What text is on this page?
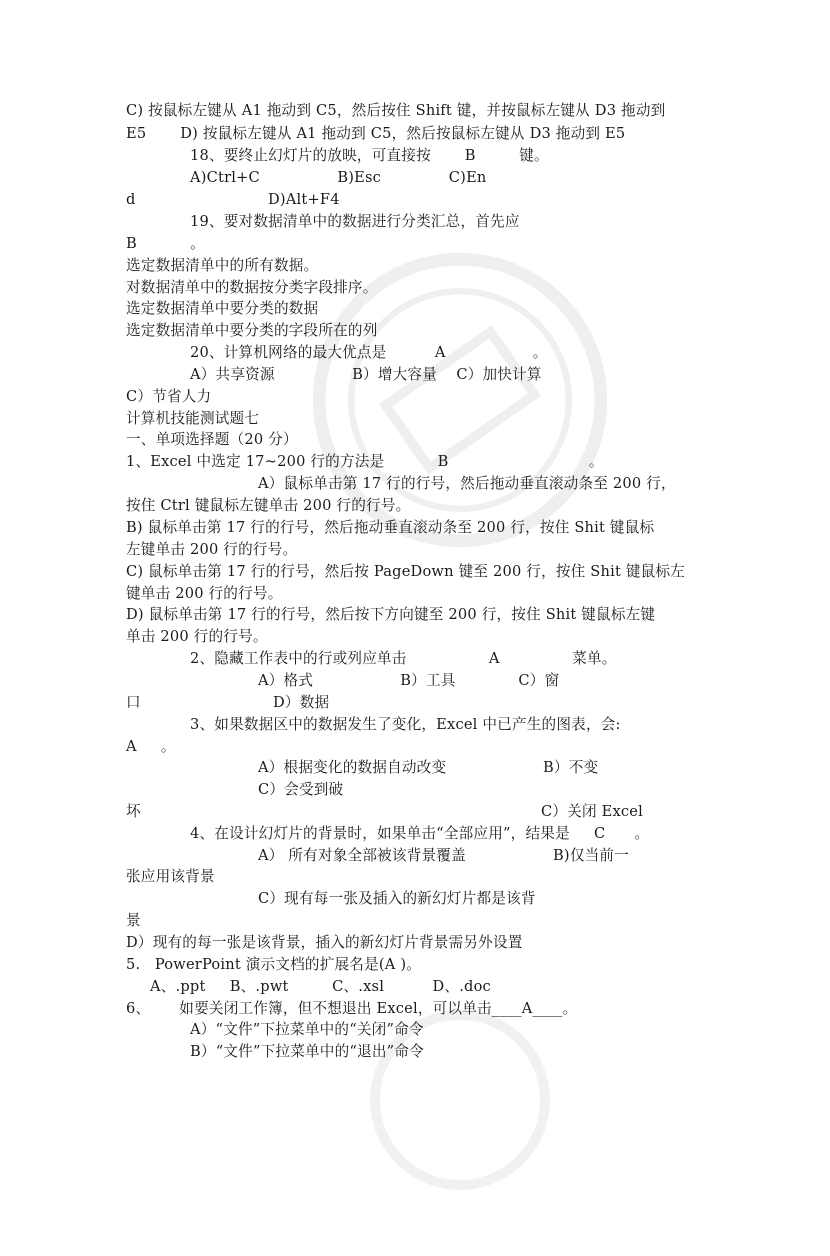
C) 按鼠标左键从 A1 拖动到 C5，然后按住 Shift 键，并按鼠标左键从 D3 拖动到
E5       D) 按鼠标左键从 A1 拖动到 C5，然后按鼠标左键从 D3 拖动到 E5
18、要终止幻灯片的放映，可直接按       B         键。
A)Ctrl+C                B)Esc              C)En
d	D)Alt+F4
19、要对数据清单中的数据进行分类汇总，首先应
B           。
选定数据清单中的所有数据。
对数据清单中的数据按分类字段排序。
选定数据清单中要分类的数据
选定数据清单中要分类的字段所在的列
20、计算机网络的最大优点是          A                  。
A）共享资源                B）增大容量    C）加快计算
C）节省人力
计算机技能测试题七
一、单项选择题（20 分）
1、Excel 中选定 17~200 行的方法是           B                             。
A）鼠标单击第 17 行的行号，然后拖动垂直滚动条至 200 行，
按住 Ctrl 键鼠标左键单击 200 行的行号。
B) 鼠标单击第 17 行的行号，然后拖动垂直滚动条至 200 行，按住 Shit 键鼠标
左键单击 200 行的行号。
C) 鼠标单击第 17 行的行号，然后按 PageDown 键至 200 行，按住 Shit 键鼠标左
键单击 200 行的行号。
D) 鼠标单击第 17 行的行号，然后按下方向键至 200 行，按住 Shit 键鼠标左键
单击 200 行的行号。
2、隐藏工作表中的行或列应单击                 A               菜单。
A）格式                  B）工具             C）窗
口	D）数据
3、如果数据区中的数据发生了变化，Excel 中已产生的图表，会:
A     。
A）根据变化的数据自动改变                    B）不变
C）会受到破
坏	C）关闭 Excel
4、在设计幻灯片的背景时，如果单击“全部应用”，结果是     C      。
A） 所有对象全部被该背景覆盖                  B)仅当前一
张应用该背景
C）现有每一张及插入的新幻灯片都是该背
景
D）现有的每一张是该背景，插入的新幻灯片背景需另外设置
5.   PowerPoint 演示文档的扩展名是(A )。
A、.ppt     B、.pwt         C、.xsl          D、.doc
6、      如要关闭工作簿，但不想退出 Excel，可以单击____A____。
A）“文件”下拉菜单中的“关闭”命令
B）“文件”下拉菜单中的“退出”命令
